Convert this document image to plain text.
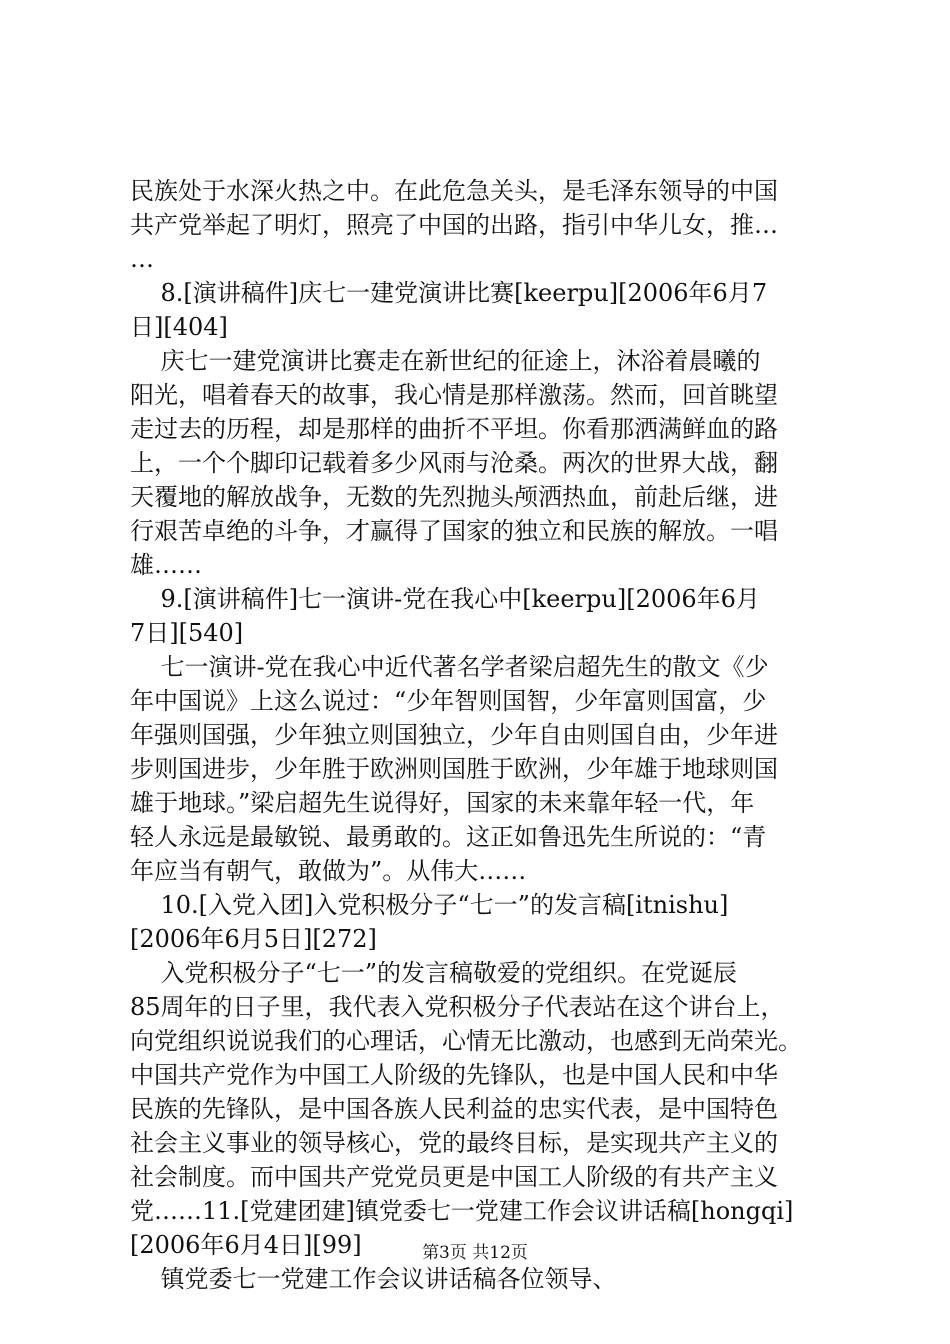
民族处于水深火热之中。在此危急关头，是毛泽东领导的中国
共产党举起了明灯，照亮了中国的出路，指引中华儿女，推…
…
8.[演讲稿件]庆七一建党演讲比赛[keerpu][2006年6月7
日][404]
庆七一建党演讲比赛走在新世纪的征途上，沐浴着晨曦的
阳光，唱着春天的故事，我心情是那样激荡。然而，回首眺望
走过去的历程，却是那样的曲折不平坦。你看那洒满鲜血的路
上，一个个脚印记载着多少风雨与沧桑。两次的世界大战，翻
天覆地的解放战争，无数的先烈抛头颅洒热血，前赴后继，进
行艰苦卓绝的斗争，才赢得了国家的独立和民族的解放。一唱
雄……
9.[演讲稿件]七一演讲-党在我心中[keerpu][2006年6月
7日][540]
七一演讲-党在我心中近代著名学者梁启超先生的散文《少
年中国说》上这么说过：“少年智则国智，少年富则国富，少
年强则国强，少年独立则国独立，少年自由则国自由，少年进
步则国进步，少年胜于欧洲则国胜于欧洲，少年雄于地球则国
雄于地球。”梁启超先生说得好，国家的未来靠年轻一代，年
轻人永远是最敏锐、最勇敢的。这正如鲁迅先生所说的：“青
年应当有朝气，敢做为”。从伟大……
10.[入党入团]入党积极分子“七一”的发言稿[itnishu]
[2006年6月5日][272]
入党积极分子“七一”的发言稿敬爱的党组织。在党诞辰
85周年的日子里，我代表入党积极分子代表站在这个讲台上，
向党组织说说我们的心理话，心情无比激动，也感到无尚荣光。
中国共产党作为中国工人阶级的先锋队，也是中国人民和中华
民族的先锋队，是中国各族人民利益的忠实代表，是中国特色
社会主义事业的领导核心，党的最终目标，是实现共产主义的
社会制度。而中国共产党党员更是中国工人阶级的有共产主义
党……11.[党建团建]镇党委七一党建工作会议讲话稿[hongqi]
[2006年6月4日][99]
镇党委七一党建工作会议讲话稿各位领导、
第3页 共12页
